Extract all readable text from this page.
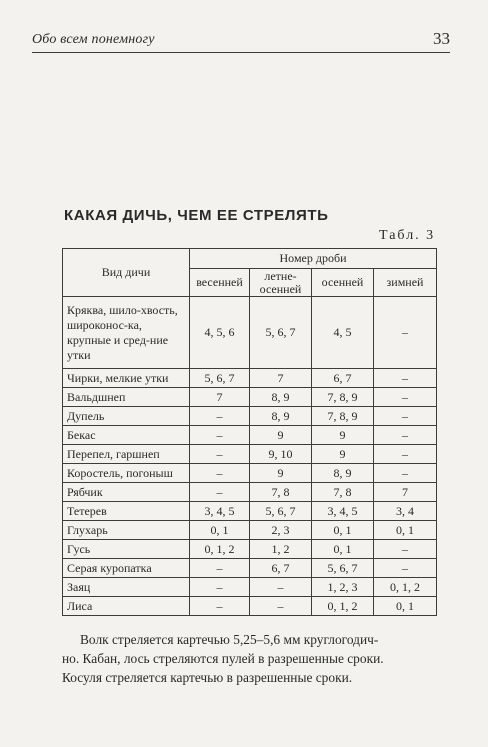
Обо всем понемногу	33
КАКАЯ ДИЧЬ, ЧЕМ ЕЕ СТРЕЛЯТЬ
Табл. 3
Вид дичи	Номер дроби			
	весенней	летне-осенней	осенней	зимней
Кряква, шило-хвость, широконос-ка, крупные и сред-ние утки	4, 5, 6	5, 6, 7	4, 5	–
Чирки, мелкие утки	5, 6, 7	7	6, 7	–
Вальдшнеп	7	8, 9	7, 8, 9	–
Дупель	–	8, 9	7, 8, 9	–
Бекас	–	9	9	–
Перепел, гаршнеп	–	9, 10	9	–
Коростель, погоныш	–	9	8, 9	–
Рябчик	–	7, 8	7, 8	7
Тетерев	3, 4, 5	5, 6, 7	3, 4, 5	3, 4
Глухарь	0, 1	2, 3	0, 1	0, 1
Гусь	0, 1, 2	1, 2	0, 1	–
Серая куропатка	–	6, 7	5, 6, 7	–
Заяц	–	–	1, 2, 3	0, 1, 2
Лиса	–	–	0, 1, 2	0, 1

Волк стреляется картечью 5,25–5,6 мм круглогодич-

но. Кабан, лось стреляются пулей в разрешенные сроки.

Косуля стреляется картечью в разрешенные сроки.
